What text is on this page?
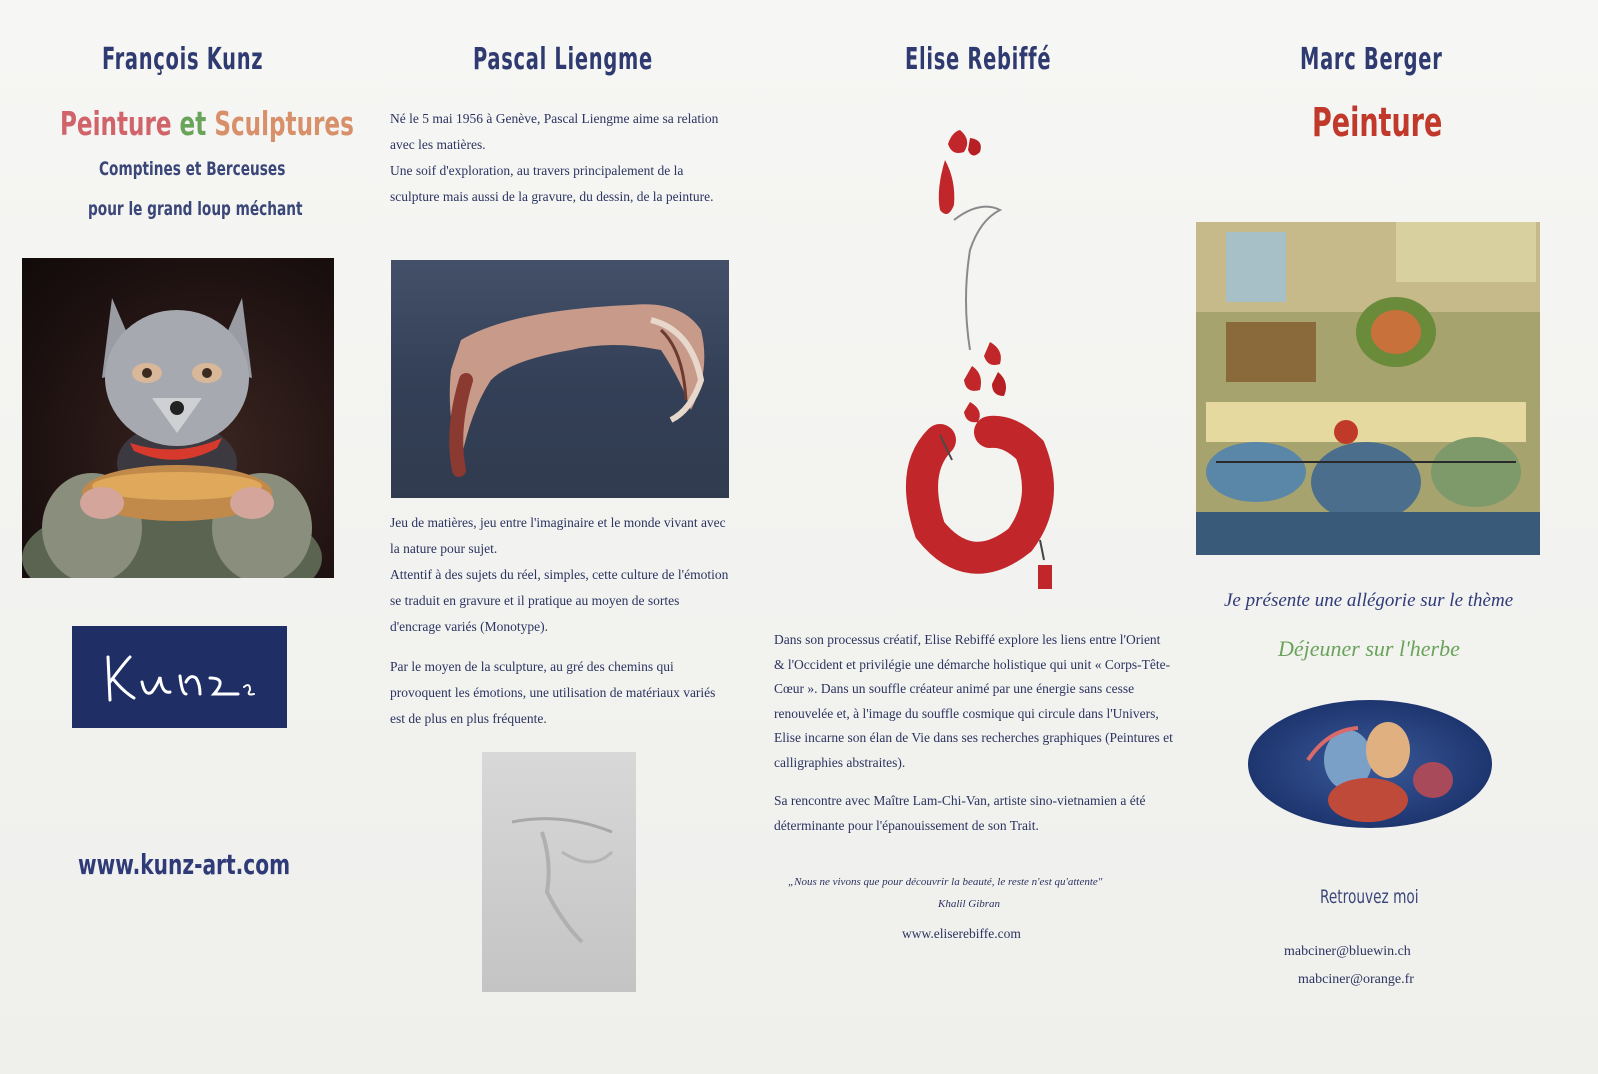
François Kunz
Peinture et Sculptures
Comptines et Berceuses
pour le grand loup méchant
www.kunz-art.com
Pascal Liengme

Né le 5 mai 1956 à Genève, Pascal Liengme aime sa relation avec les matières.

Une soif d'exploration, au travers principalement de la sculpture mais aussi de la gravure, du dessin, de la peinture.

Jeu de matières, jeu entre l'imaginaire et le monde vivant avec la nature pour sujet.

Attentif à des sujets du réel, simples, cette culture de l'émotion se traduit en gravure et il pratique au moyen de sortes d'encrage variés (Monotype).

Par le moyen de la sculpture, au gré des chemins qui provoquent les émotions, une utilisation de matériaux variés est de plus en plus fréquente.

Elise Rebiffé

Dans son processus créatif, Elise Rebiffé explore les liens entre l'Orient & l'Occident et privilégie une démarche holistique qui unit « Corps-Tête-Cœur ». Dans un souffle créateur animé par une énergie sans cesse renouvelée et, à l'image du souffle cosmique qui circule dans l'Univers, Elise incarne son élan de Vie dans ses recherches graphiques (Peintures et calligraphies abstraites).

Sa rencontre avec Maître Lam-Chi-Van, artiste sino-vietnamien a été déterminante pour l'épanouissement de son Trait.

„Nous ne vivons que pour découvrir la beauté, le reste n'est qu'attente"
Khalil Gibran
www.eliserebiffe.com
Marc Berger
Peinture
Je présente une allégorie sur le thème
Déjeuner sur l'herbe
Retrouvez moi
mabciner@bluewin.ch
mabciner@orange.fr
